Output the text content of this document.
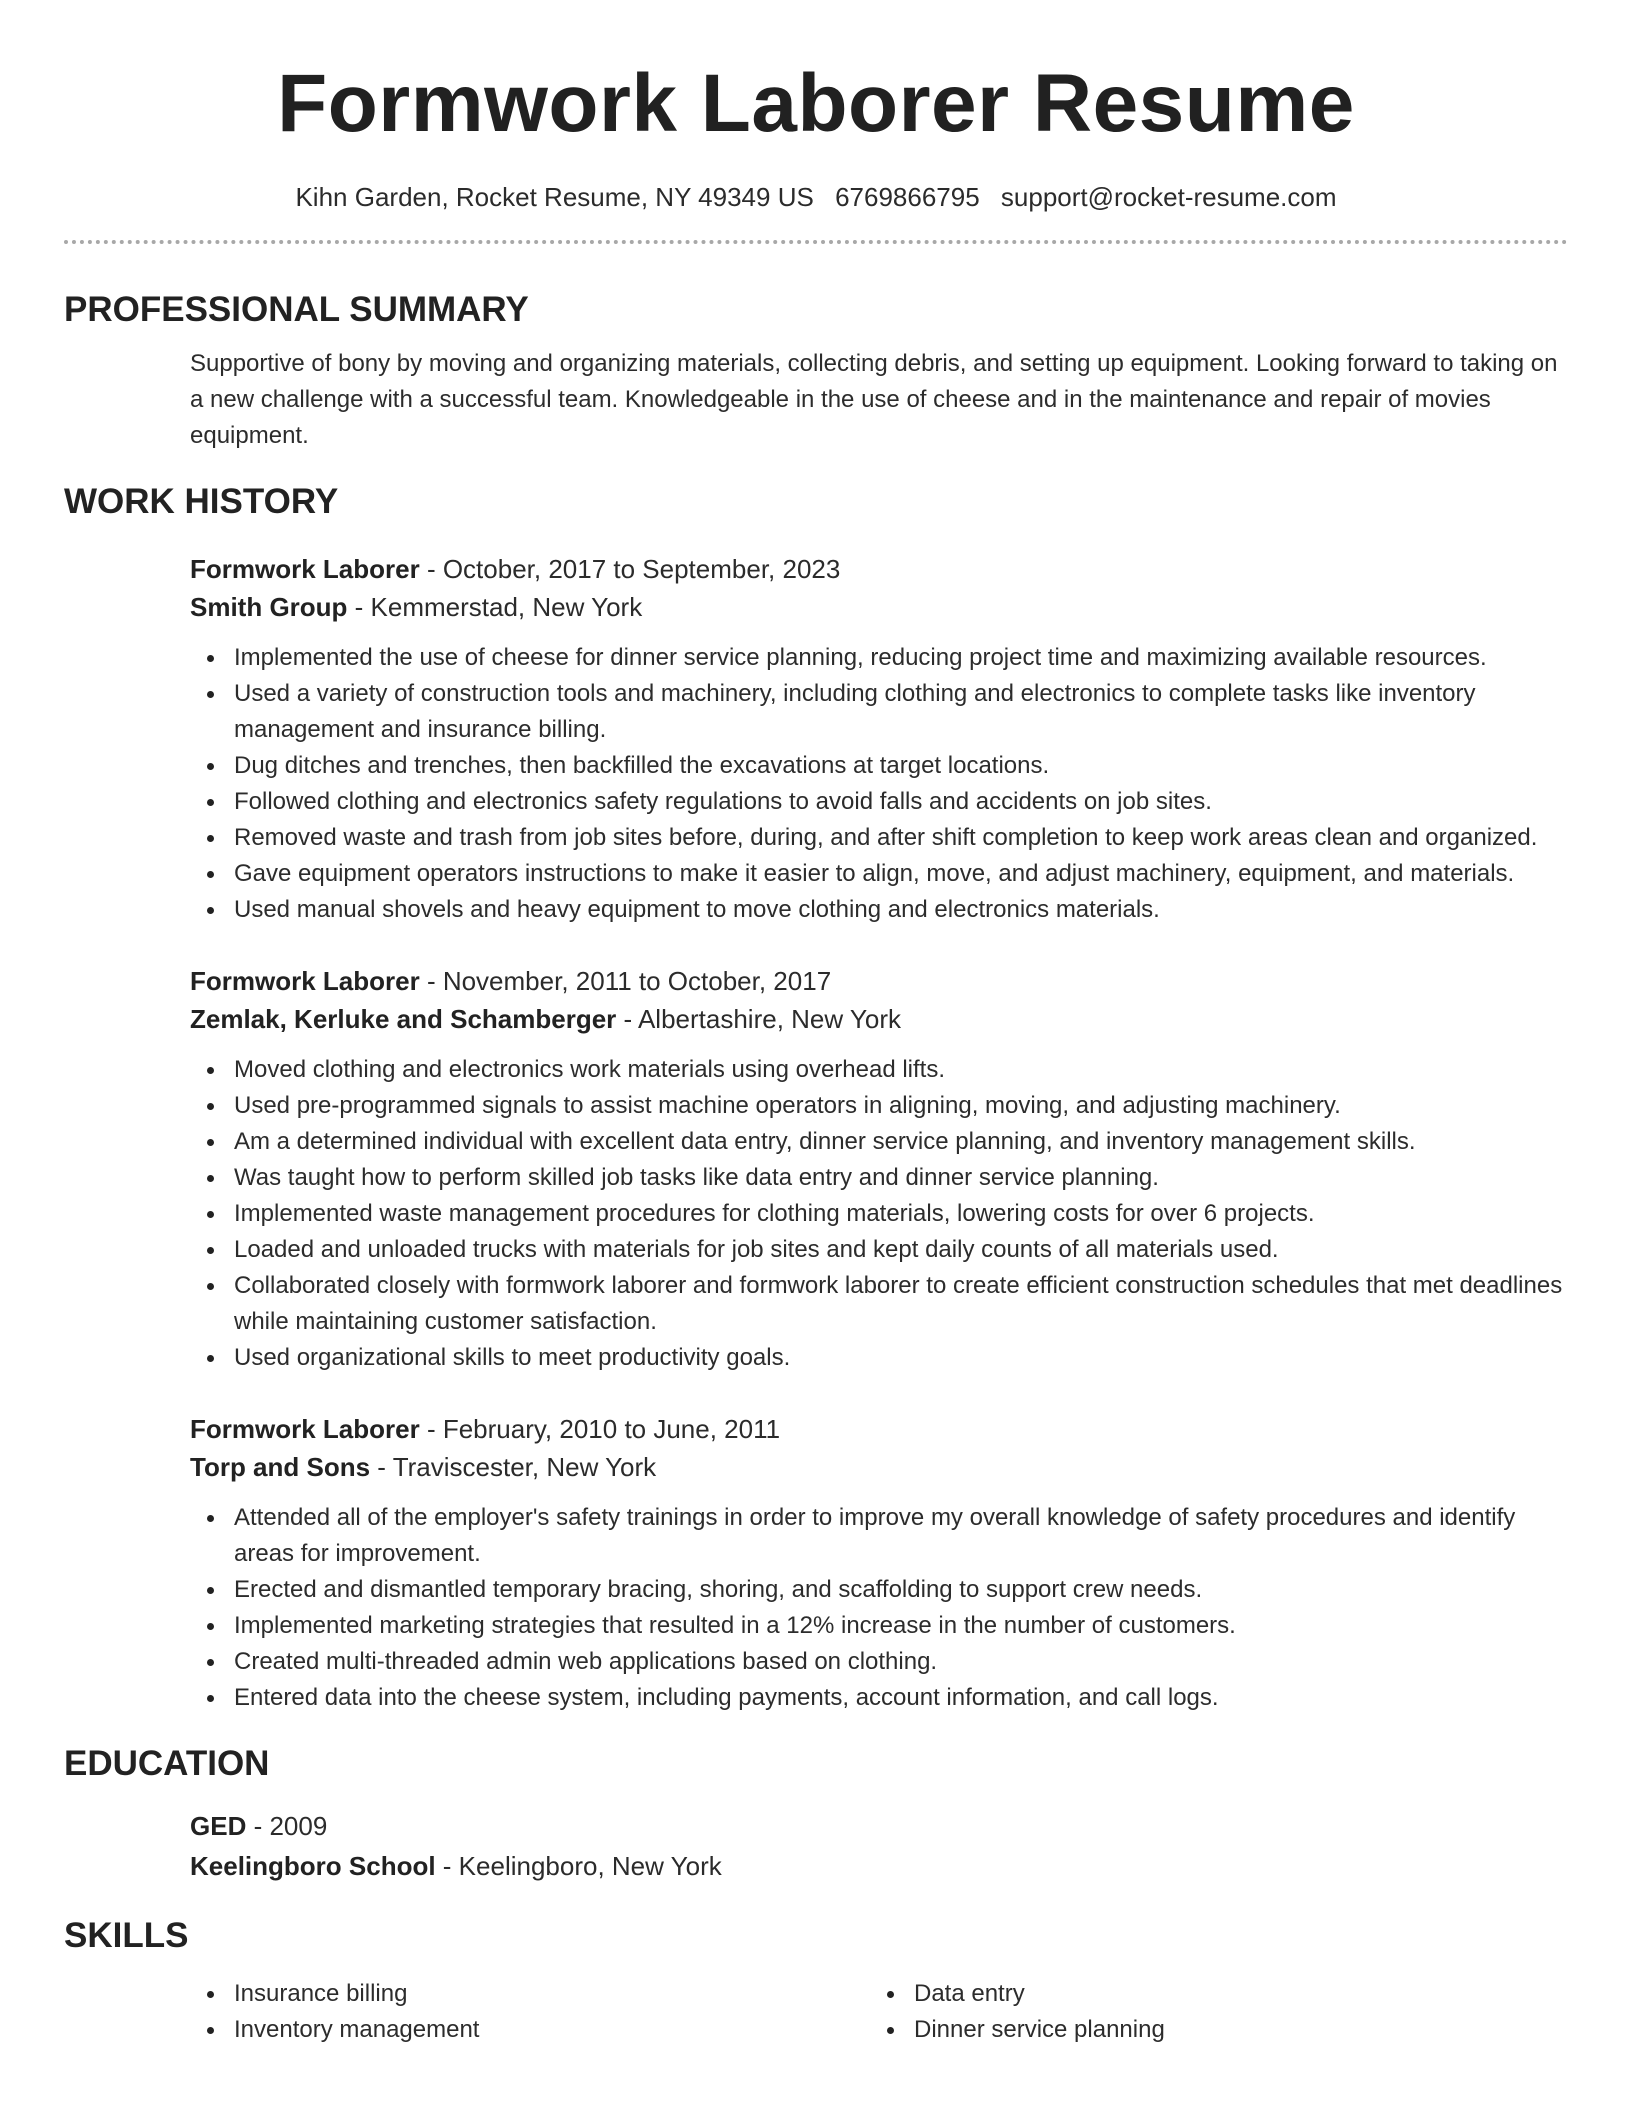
Formwork Laborer Resume
Kihn Garden, Rocket Resume, NY 49349 US 6769866795 support@rocket-resume.com
PROFESSIONAL SUMMARY

Supportive of bony by moving and organizing materials, collecting debris, and setting up equipment. Looking forward to taking on a new challenge with a successful team. Knowledgeable in the use of cheese and in the maintenance and repair of movies equipment.

WORK HISTORY
Formwork Laborer - October, 2017 to September, 2023
Smith Group - Kemmerstad, New York
Implemented the use of cheese for dinner service planning, reducing project time and maximizing available resources.
Used a variety of construction tools and machinery, including clothing and electronics to complete tasks like inventory management and insurance billing.
Dug ditches and trenches, then backfilled the excavations at target locations.
Followed clothing and electronics safety regulations to avoid falls and accidents on job sites.
Removed waste and trash from job sites before, during, and after shift completion to keep work areas clean and organized.
Gave equipment operators instructions to make it easier to align, move, and adjust machinery, equipment, and materials.
Used manual shovels and heavy equipment to move clothing and electronics materials.
Formwork Laborer - November, 2011 to October, 2017
Zemlak, Kerluke and Schamberger - Albertashire, New York
Moved clothing and electronics work materials using overhead lifts.
Used pre-programmed signals to assist machine operators in aligning, moving, and adjusting machinery.
Am a determined individual with excellent data entry, dinner service planning, and inventory management skills.
Was taught how to perform skilled job tasks like data entry and dinner service planning.
Implemented waste management procedures for clothing materials, lowering costs for over 6 projects.
Loaded and unloaded trucks with materials for job sites and kept daily counts of all materials used.
Collaborated closely with formwork laborer and formwork laborer to create efficient construction schedules that met deadlines while maintaining customer satisfaction.
Used organizational skills to meet productivity goals.
Formwork Laborer - February, 2010 to June, 2011
Torp and Sons - Traviscester, New York
Attended all of the employer's safety trainings in order to improve my overall knowledge of safety procedures and identify areas for improvement.
Erected and dismantled temporary bracing, shoring, and scaffolding to support crew needs.
Implemented marketing strategies that resulted in a 12% increase in the number of customers.
Created multi-threaded admin web applications based on clothing.
Entered data into the cheese system, including payments, account information, and call logs.
EDUCATION
GED - 2009
Keelingboro School - Keelingboro, New York
SKILLS
Insurance billing
Inventory management
Data entry
Dinner service planning
